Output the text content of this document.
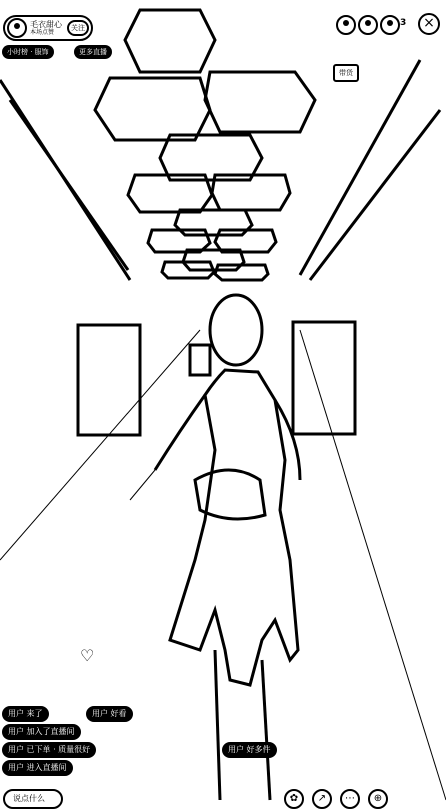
毛衣甜心
本场点赞
关注
小时榜 · 服饰	更多直播
3	×
带货
用户 来了	用户 好看
用户 加入了直播间
用户 已下单 · 质量很好	用户 好多件
用户 进入直播间
♡
说点什么	✿	↗	⋯	⊕
